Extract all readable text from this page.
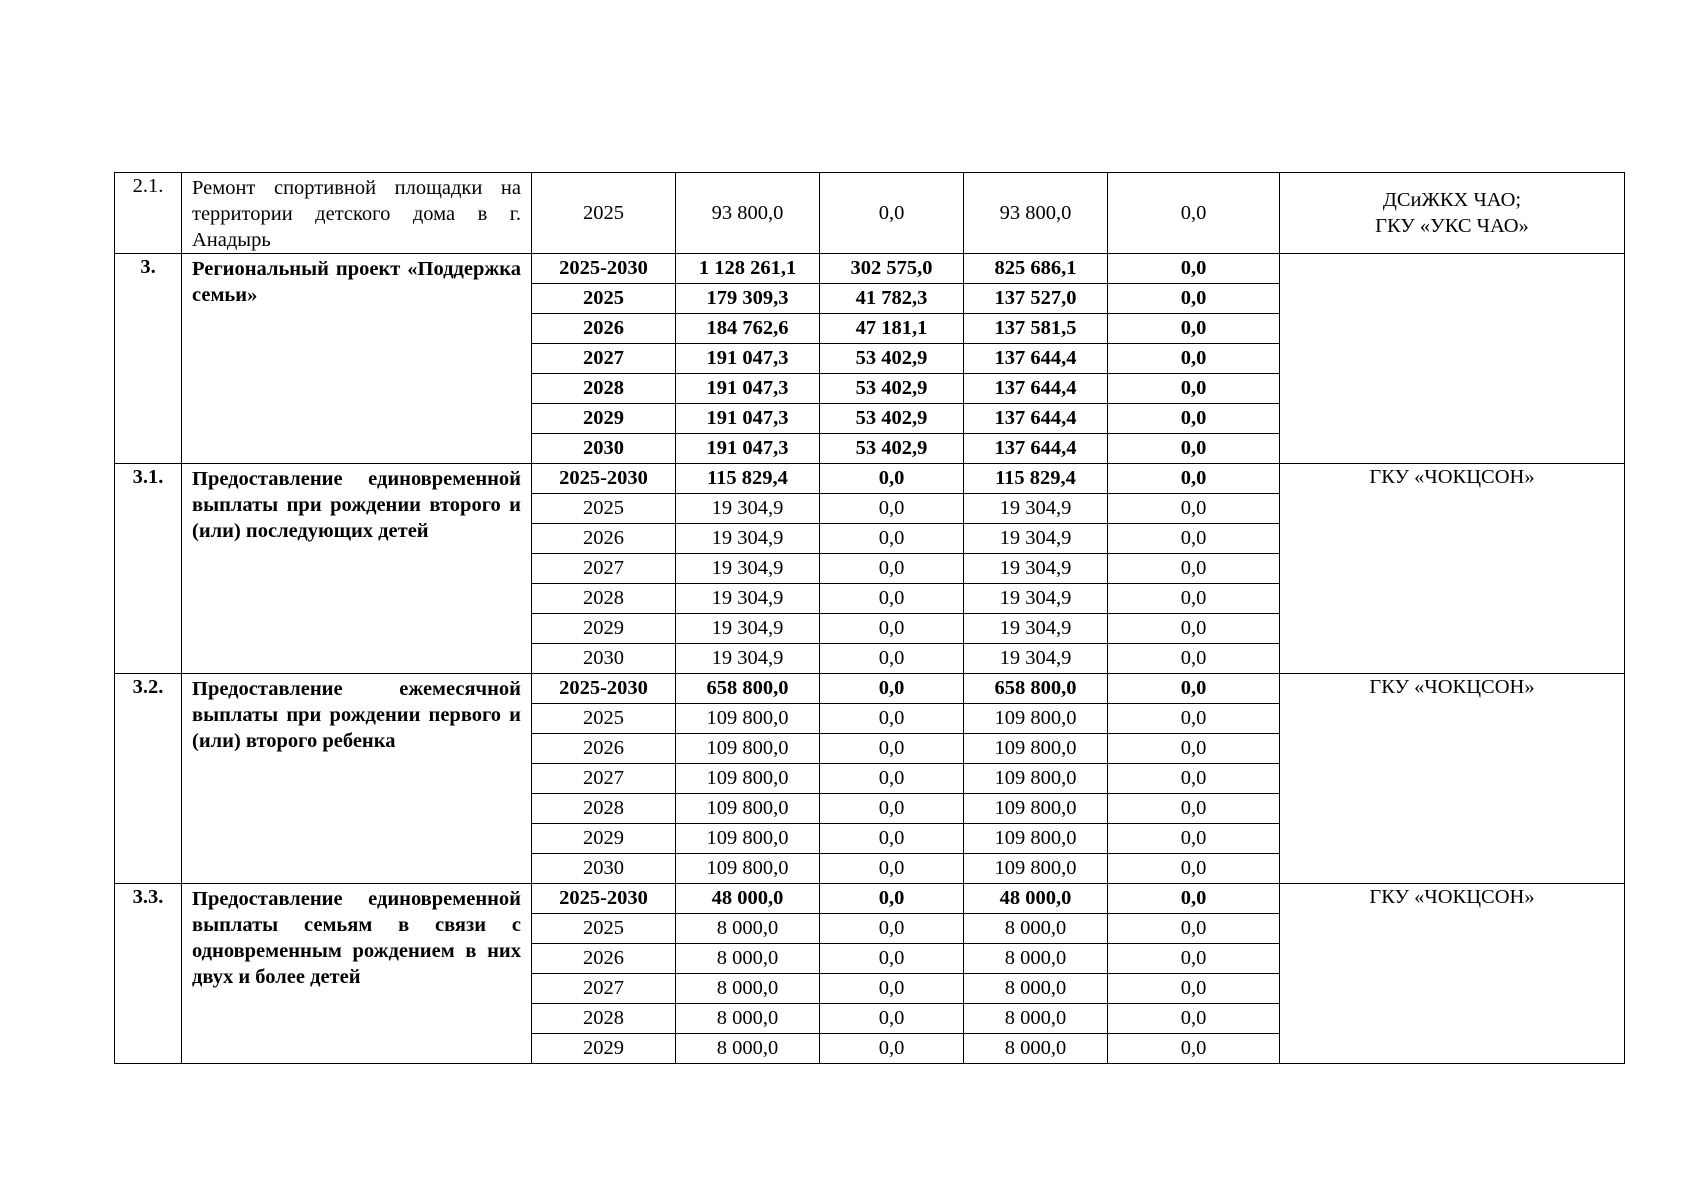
2.1.	Ремонт спортивной площадки на территории детского дома в г. Анадырь	2025	93 800,0	0,0	93 800,0	0,0	ДСиЖКХ ЧАО;
ГКУ «УКС ЧАО»
3.	Региональный проект «Поддержка семьи»	2025-2030	1 128 261,1	302 575,0	825 686,1	0,0	
		2025	179 309,3	41 782,3	137 527,0	0,0	
		2026	184 762,6	47 181,1	137 581,5	0,0	
		2027	191 047,3	53 402,9	137 644,4	0,0	
		2028	191 047,3	53 402,9	137 644,4	0,0	
		2029	191 047,3	53 402,9	137 644,4	0,0	
		2030	191 047,3	53 402,9	137 644,4	0,0	
3.1.	Предоставление единовременной выплаты при рождении второго и (или) последующих детей	2025-2030	115 829,4	0,0	115 829,4	0,0	ГКУ «ЧОКЦСОН»
		2025	19 304,9	0,0	19 304,9	0,0	
		2026	19 304,9	0,0	19 304,9	0,0	
		2027	19 304,9	0,0	19 304,9	0,0	
		2028	19 304,9	0,0	19 304,9	0,0	
		2029	19 304,9	0,0	19 304,9	0,0	
		2030	19 304,9	0,0	19 304,9	0,0	
3.2.	Предоставление ежемесячной выплаты при рождении первого и (или) второго ребенка	2025-2030	658 800,0	0,0	658 800,0	0,0	ГКУ «ЧОКЦСОН»
		2025	109 800,0	0,0	109 800,0	0,0	
		2026	109 800,0	0,0	109 800,0	0,0	
		2027	109 800,0	0,0	109 800,0	0,0	
		2028	109 800,0	0,0	109 800,0	0,0	
		2029	109 800,0	0,0	109 800,0	0,0	
		2030	109 800,0	0,0	109 800,0	0,0	
3.3.	Предоставление единовременной выплаты семьям в связи с одновременным рождением в них двух и более детей	2025-2030	48 000,0	0,0	48 000,0	0,0	ГКУ «ЧОКЦСОН»
		2025	8 000,0	0,0	8 000,0	0,0	
		2026	8 000,0	0,0	8 000,0	0,0	
		2027	8 000,0	0,0	8 000,0	0,0	
		2028	8 000,0	0,0	8 000,0	0,0	
		2029	8 000,0	0,0	8 000,0	0,0	
